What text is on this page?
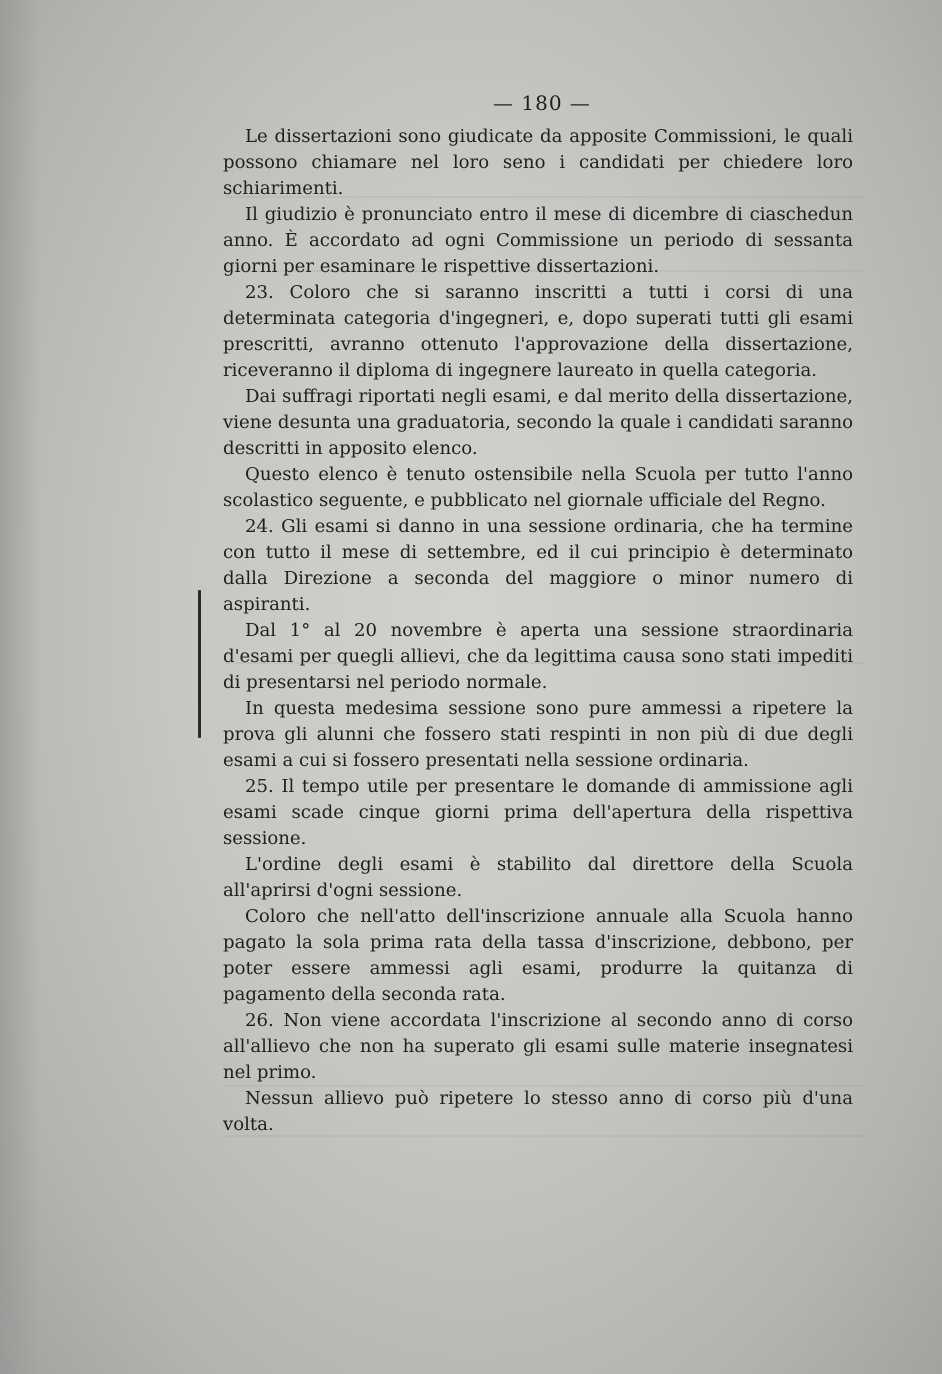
— 180 —

Le dissertazioni sono giudicate da apposite Commissioni, le quali possono chiamare nel loro seno i candidati per chiedere loro schiarimenti.

Il giudizio è pronunciato entro il mese di dicembre di ciaschedun anno. È accordato ad ogni Commissione un periodo di sessanta giorni per esaminare le rispettive dissertazioni.

23. Coloro che si saranno inscritti a tutti i corsi di una determinata categoria d'ingegneri, e, dopo superati tutti gli esami prescritti, avranno ottenuto l'approvazione della dissertazione, riceveranno il diploma di ingegnere laureato in quella categoria.

Dai suffragi riportati negli esami, e dal merito della dissertazione, viene desunta una graduatoria, secondo la quale i candidati saranno descritti in apposito elenco.

Questo elenco è tenuto ostensibile nella Scuola per tutto l'anno scolastico seguente, e pubblicato nel giornale ufficiale del Regno.

24. Gli esami si danno in una sessione ordinaria, che ha termine con tutto il mese di settembre, ed il cui principio è determinato dalla Direzione a seconda del maggiore o minor numero di aspiranti.

Dal 1° al 20 novembre è aperta una sessione straordinaria d'esami per quegli allievi, che da legittima causa sono stati impediti di presentarsi nel periodo normale.

In questa medesima sessione sono pure ammessi a ripetere la prova gli alunni che fossero stati respinti in non più di due degli esami a cui si fossero presentati nella sessione ordinaria.

25. Il tempo utile per presentare le domande di ammissione agli esami scade cinque giorni prima dell'apertura della rispettiva sessione.

L'ordine degli esami è stabilito dal direttore della Scuola all'aprirsi d'ogni sessione.

Coloro che nell'atto dell'inscrizione annuale alla Scuola hanno pagato la sola prima rata della tassa d'inscrizione, debbono, per poter essere ammessi agli esami, produrre la quitanza di pagamento della seconda rata.

26. Non viene accordata l'inscrizione al secondo anno di corso all'allievo che non ha superato gli esami sulle materie insegnatesi nel primo.

Nessun allievo può ripetere lo stesso anno di corso più d'una volta.
